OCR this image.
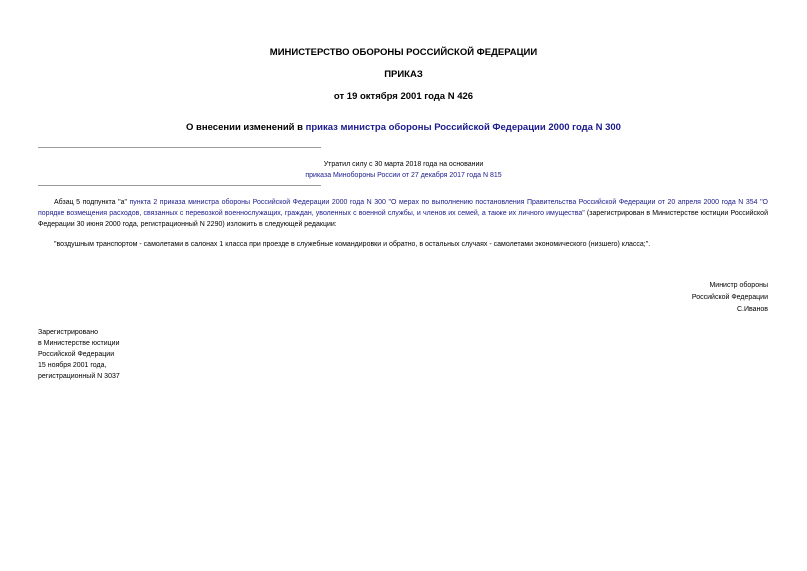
МИНИСТЕРСТВО ОБОРОНЫ РОССИЙСКОЙ ФЕДЕРАЦИИ
ПРИКАЗ
от 19 октября 2001 года N 426
О внесении изменений в приказ министра обороны Российской Федерации 2000 года N 300
Утратил силу с 30 марта 2018 года на основании
приказа Минобороны России от 27 декабря 2017 года N 815
Абзац 5 подпункта "а" пункта 2 приказа министра обороны Российской Федерации 2000 года N 300 "О мерах по выполнению постановления Правительства Российской Федерации от 20 апреля 2000 года N 354 "О порядке возмещения расходов, связанных с перевозкой военнослужащих, граждан, уволенных с военной службы, и членов их семей, а также их личного имущества" (зарегистрирован в Министерстве юстиции Российской Федерации 30 июня 2000 года, регистрационный N 2290) изложить в следующей редакции:
"воздушным транспортом - самолетами в салонах 1 класса при проезде в служебные командировки и обратно, в остальных случаях - самолетами экономического (низшего) класса;".
Министр обороны
Российской Федерации
С.Иванов
Зарегистрировано
в Министерстве юстиции
Российской Федерации
15 ноября 2001 года,
регистрационный N 3037
